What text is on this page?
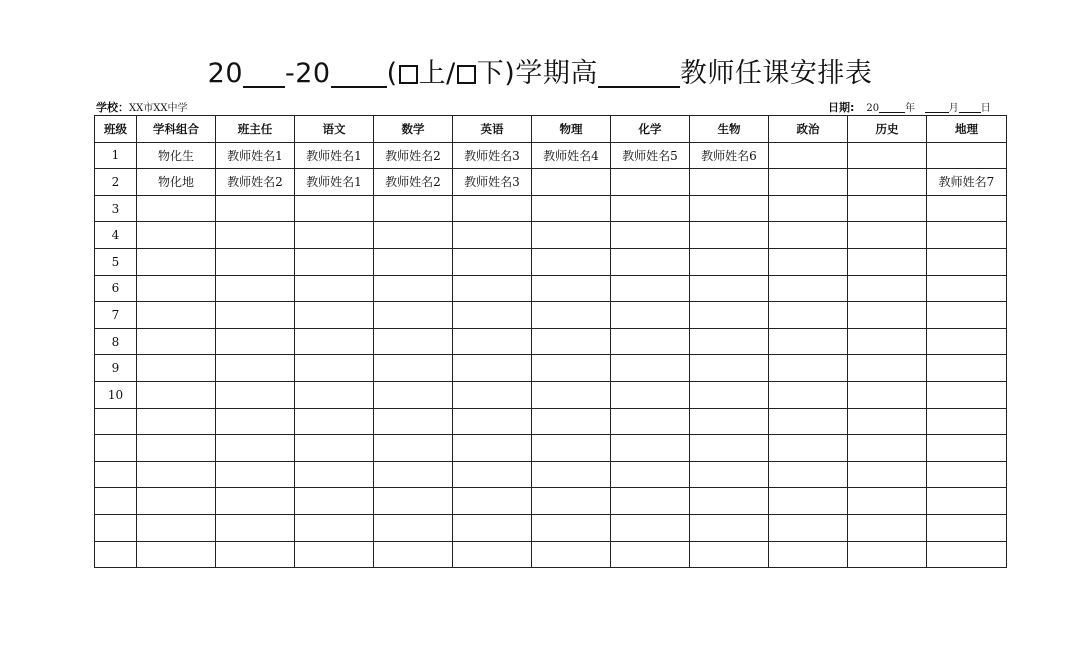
20 -20 ( 上/ 下)学期高	教师任课安排表
学校：XX市XX中学	日期: 20	年	月 日
班级	学科组合	班主任	语文	数学	英语	物理	化学	生物	政治	历史	地理
1	物化生	教师姓名1	教师姓名1	教师姓名2	教师姓名3	教师姓名4	教师姓名5	教师姓名6			
2	物化地	教师姓名2	教师姓名1	教师姓名2	教师姓名3						教师姓名7
3											
4											
5											
6											
7											
8											
9											
10											
